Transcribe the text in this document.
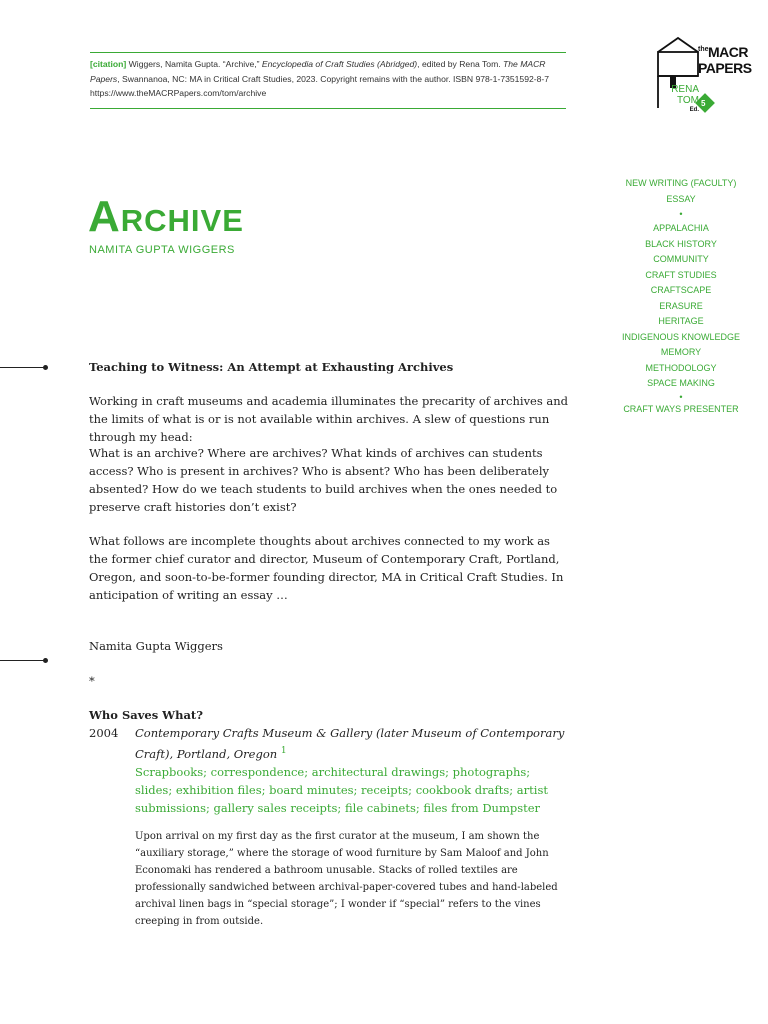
[citation] Wiggers, Namita Gupta. “Archive,” Encyclopedia of Craft Studies (Abridged), edited by Rena Tom. The MACR Papers, Swannanoa, NC: MA in Critical Craft Studies, 2023. Copyright remains with the author. ISBN 978-1-7351592-8-7
https://www.theMACRPapers.com/tom/archive
the MACR
PAPERS
5
RENA
TOM
Ed.
Archive
NAMITA GUPTA WIGGERS
NEW WRITING (FACULTY)
ESSAY
•
APPALACHIA
BLACK HISTORY
COMMUNITY
CRAFT STUDIES
CRAFTSCAPE
ERASURE
HERITAGE
INDIGENOUS KNOWLEDGE
MEMORY
METHODOLOGY
SPACE MAKING
•
CRAFT WAYS PRESENTER
Teaching to Witness: An Attempt at Exhausting Archives
Working in craft museums and academia illuminates the precarity of archives and the limits of what is or is not available within archives. A slew of questions run through my head:
What is an archive? Where are archives? What kinds of archives can students access? Who is present in archives? Who is absent? Who has been deliberately absented? How do we teach students to build archives when the ones needed to preserve craft histories don’t exist?
What follows are incomplete thoughts about archives connected to my work as the former chief curator and director, Museum of Contemporary Craft, Portland, Oregon, and soon-to-be-former founding director, MA in Critical Craft Studies. In anticipation of writing an essay …
Namita Gupta Wiggers
*
Who Saves What?
2004 Contemporary Crafts Museum & Gallery (later Museum of Contemporary Craft), Portland, Oregon $^1$
Scrapbooks; correspondence; architectural drawings; photographs; slides; exhibition files; board minutes; receipts; cookbook drafts; artist submissions; gallery sales receipts; file cabinets; files from Dumpster
Upon arrival on my first day as the first curator at the museum, I am shown the “auxiliary storage,” where the storage of wood furniture by Sam Maloof and John Economaki has rendered a bathroom unusable. Stacks of rolled textiles are professionally sandwiched between archival-paper-covered tubes and hand-labeled archival linen bags in “special storage”; I wonder if “special” refers to the vines creeping in from outside.
